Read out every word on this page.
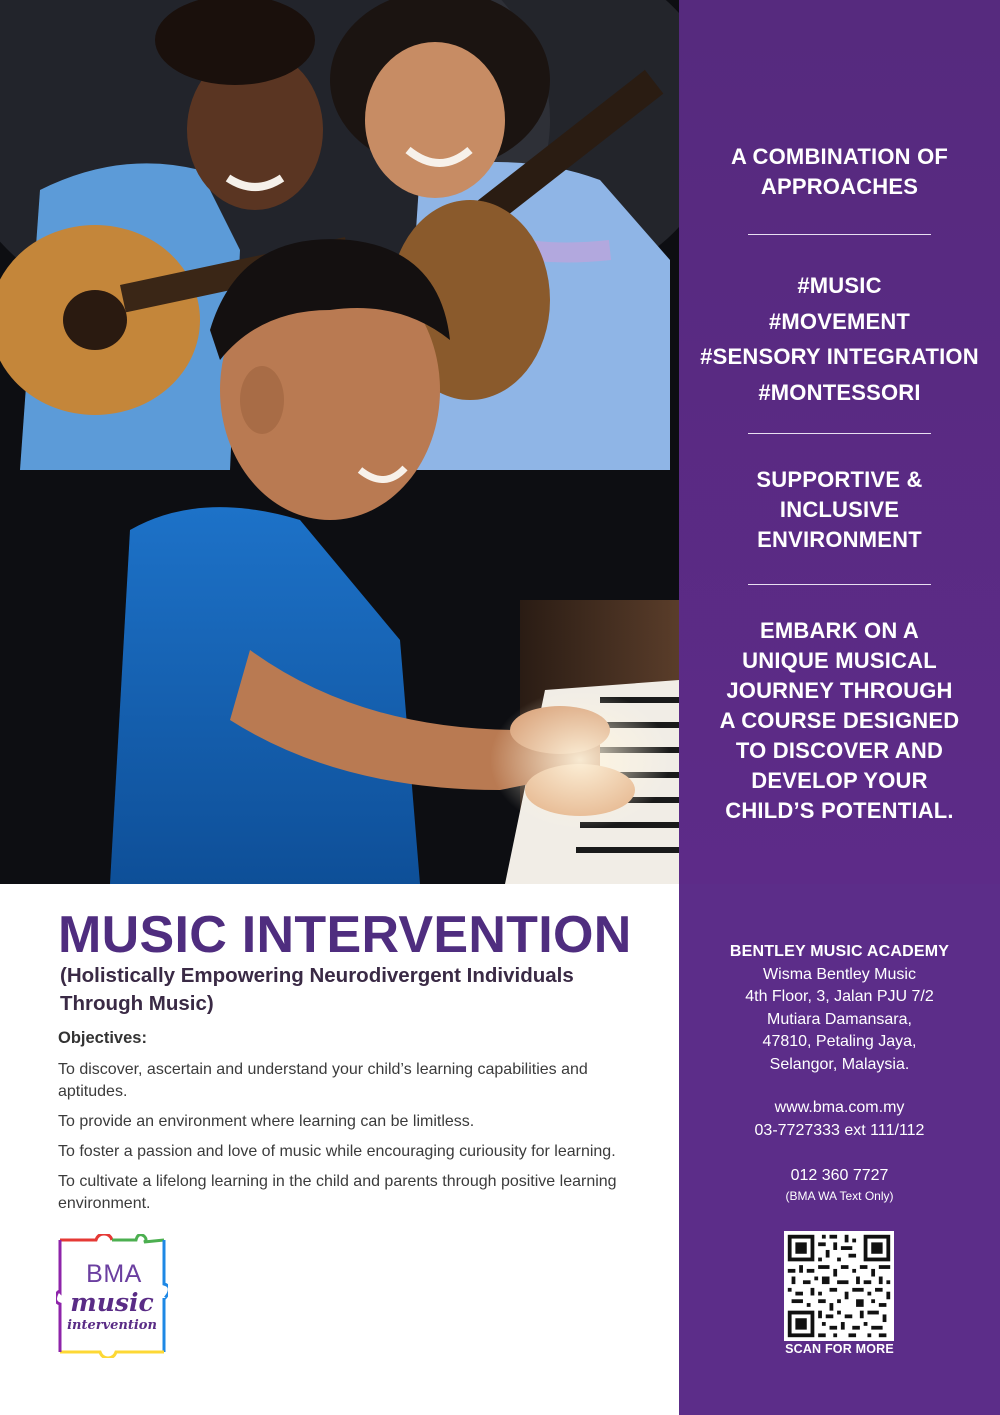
A COMBINATION OF
APPROACHES
#MUSIC
#MOVEMENT
#SENSORY INTEGRATION
#MONTESSORI
SUPPORTIVE &
INCLUSIVE
ENVIRONMENT
EMBARK ON A
UNIQUE MUSICAL
JOURNEY THROUGH
A COURSE DESIGNED
TO DISCOVER AND
DEVELOP YOUR
CHILD’S POTENTIAL.
BENTLEY MUSIC ACADEMY
Wisma Bentley Music
4th Floor, 3, Jalan PJU 7/2
Mutiara Damansara,
47810, Petaling Jaya,
Selangor, Malaysia.
www.bma.com.my
03-7727333 ext 111/112
012 360 7727
(BMA WA Text Only)
SCAN FOR MORE
MUSIC INTERVENTION
(Holistically Empowering Neurodivergent Individuals
Through Music)
Objectives:
To discover, ascertain and understand your child’s learning capabilities and aptitudes.
To provide an environment where learning can be limitless.
To foster a passion and love of music while encouraging curiousity for learning.
To cultivate a lifelong learning in the child and parents through positive learning environment.
BMA
music
intervention
